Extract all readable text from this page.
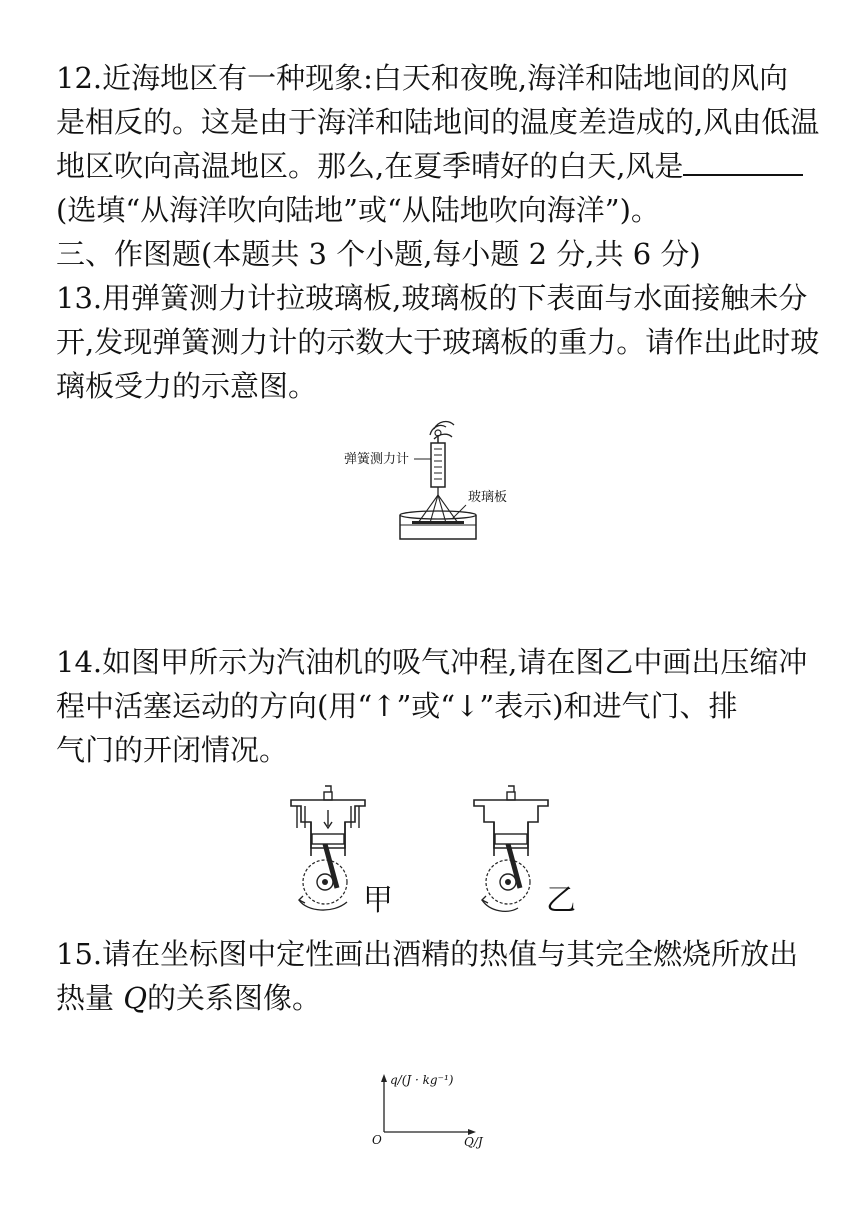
12.近海地区有一种现象:白天和夜晚,海洋和陆地间的风向

是相反的。这是由于海洋和陆地间的温度差造成的,风由低温

地区吹向高温地区。那么,在夏季晴好的白天,风是

(选填“从海洋吹向陆地”或“从陆地吹向海洋”)。

三、作图题(本题共 3 个小题,每小题 2 分,共 6 分)

13.用弹簧测力计拉玻璃板,玻璃板的下表面与水面接触未分

开,发现弹簧测力计的示数大于玻璃板的重力。请作出此时玻

璃板受力的示意图。

弹簧测力计
玻璃板

14.如图甲所示为汽油机的吸气冲程,请在图乙中画出压缩冲

程中活塞运动的方向(用“↑”或“↓”表示)和进气门、排

气门的开闭情况。

甲	乙

15.请在坐标图中定性画出酒精的热值与其完全燃烧所放出

热量 Q的关系图像。

q/(J · kg⁻¹)
Q/J
O
